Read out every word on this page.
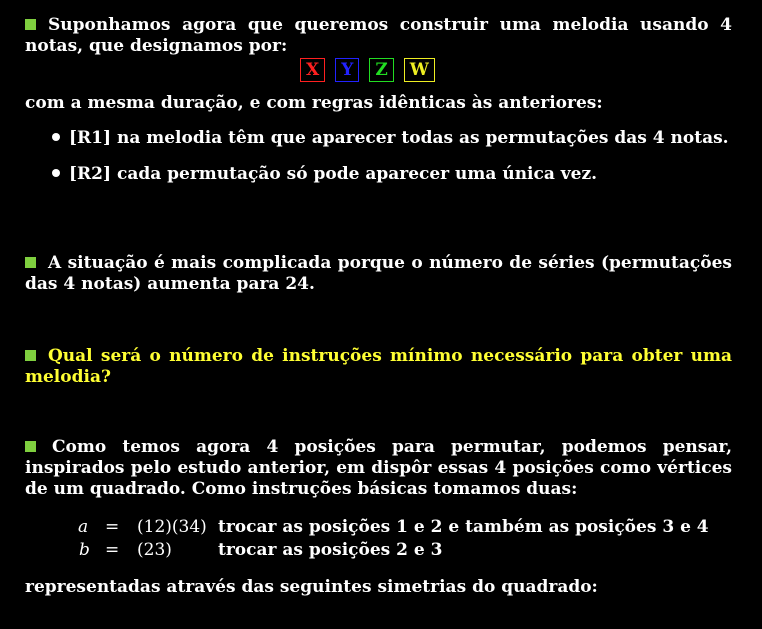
Suponhamos agora que queremos construir uma melodia usando 4 notas, que designamos por:
X Y Z W
com a mesma duração, e com regras idênticas às anteriores:
[R1] na melodia têm que aparecer todas as permutações das 4 notas.
[R2] cada permutação só pode aparecer uma única vez.
A situação é mais complicada porque o número de séries (permutações das 4 notas) aumenta para 24.
Qual será o número de instruções mínimo necessário para obter uma melodia?
Como temos agora 4 posições para permutar, podemos pensar, inspirados pelo estudo anterior, em dispôr essas 4 posições como vértices de um quadrado. Como instruções básicas tomamos duas:
a = (12)(34) trocar as posições 1 e 2 e também as posições 3 e 4
b = (23)	trocar as posições 2 e 3
representadas através das seguintes simetrias do quadrado:
